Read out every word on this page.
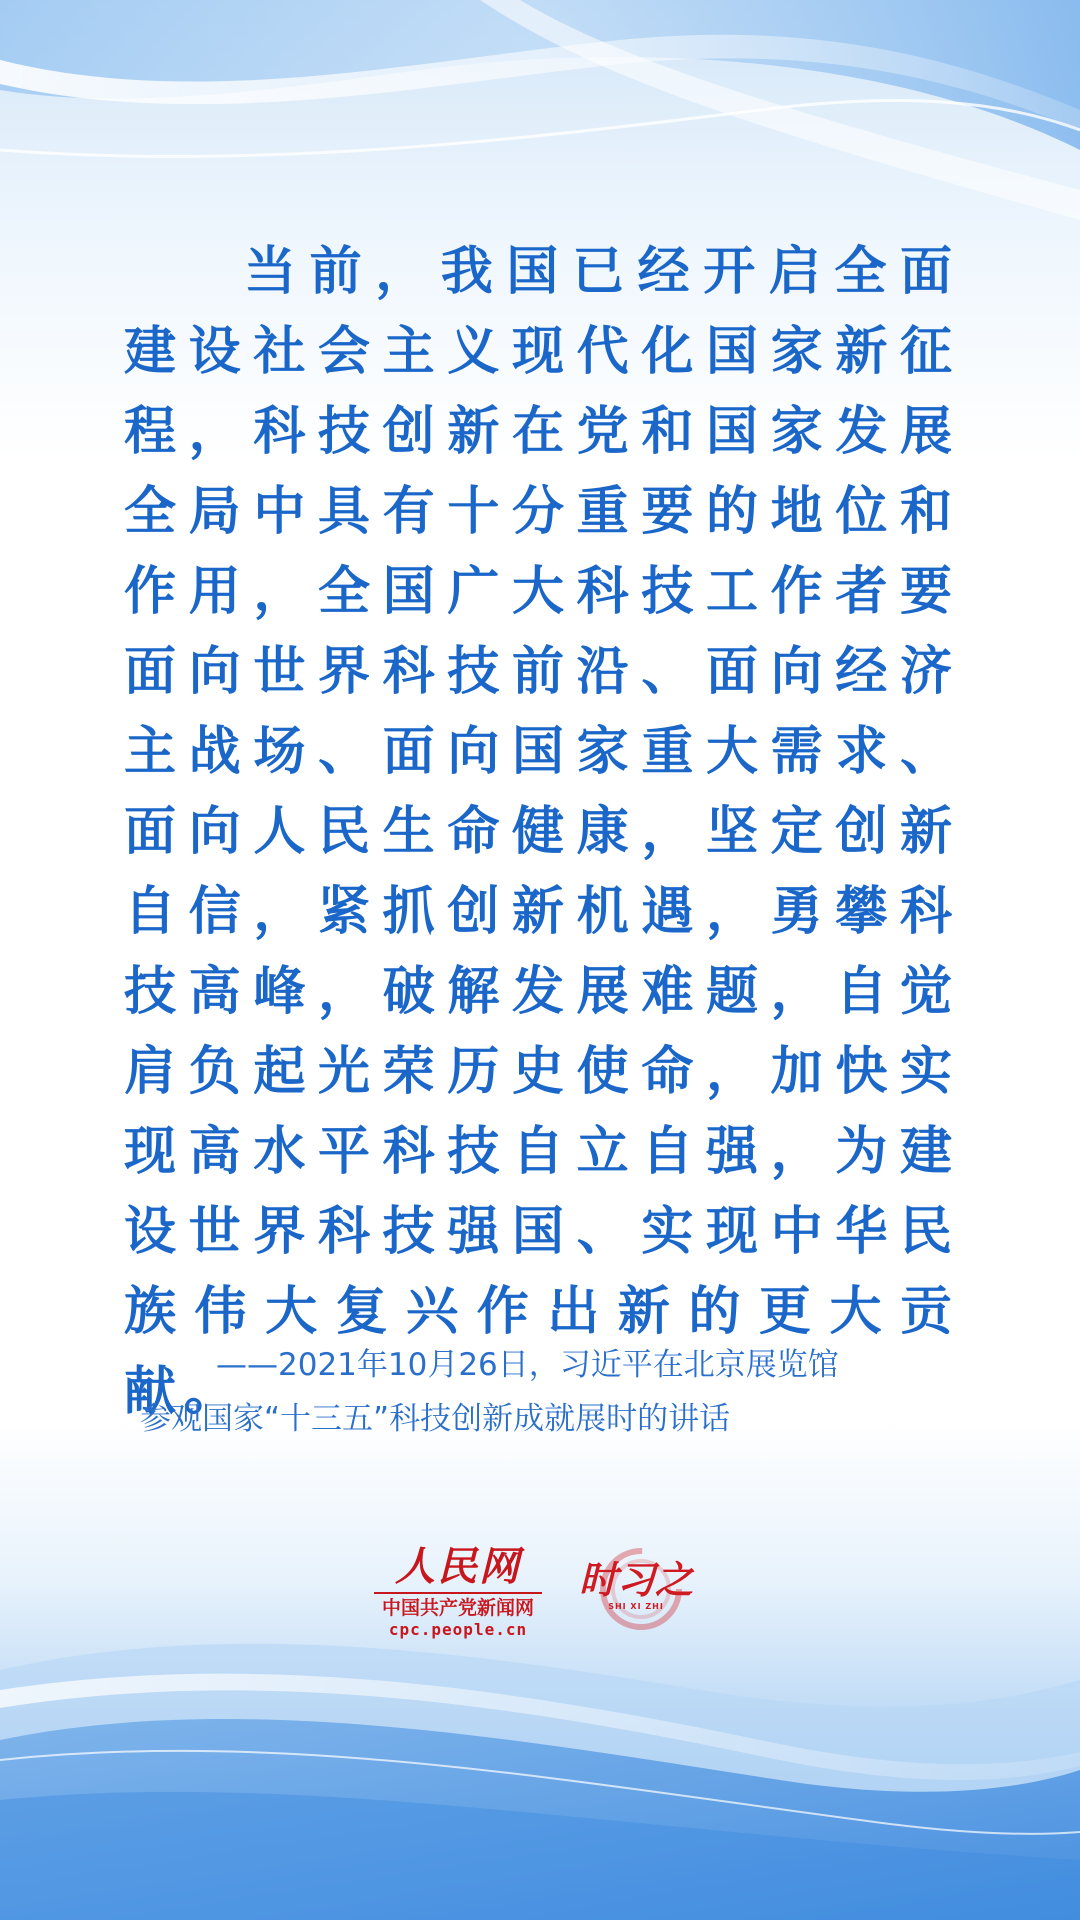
当前，我国已经开启全面建设社会主义现代化国家新征程，科技创新在党和国家发展全局中具有十分重要的地位和作用，全国广大科技工作者要面向世界科技前沿、面向经济主战场、面向国家重大需求、面向人民生命健康，坚定创新自信，紧抓创新机遇，勇攀科技高峰，破解发展难题，自觉肩负起光荣历史使命，加快实现高水平科技自立自强，为建设世界科技强国、实现中华民族伟大复兴作出新的更大贡献。

——2021年10月26日，习近平在北京展览馆
参观国家“十三五”科技创新成就展时的讲话
人民网
中国共产党新闻网
cpc.people.cn
时习之
SHI XI ZHI
